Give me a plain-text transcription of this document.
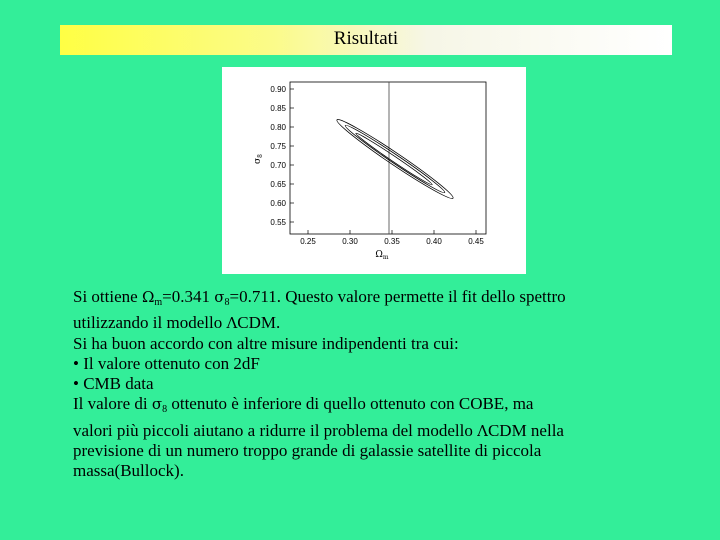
Risultati
0.90
0.85
0.80
0.75
0.70
0.65
0.60
0.55
0.25	0.30	0.35	0.40	0.45
$\sigma_8$
$\Omega_m$
Si ottiene $\Omega_m=0.341$ $\sigma_8=0.711$. Questo valore permette il fit dello spettro
utilizzando il modello ΛCDM.
Si ha buon accordo con altre misure indipendenti tra cui:
• Il valore ottenuto con 2dF
• CMB data
Il valore di $\sigma_8$ ottenuto è inferiore di quello ottenuto con COBE, ma
valori più piccoli aiutano a ridurre il problema del modello ΛCDM nella
previsione di un numero troppo grande di galassie satellite di piccola
massa(Bullock).
